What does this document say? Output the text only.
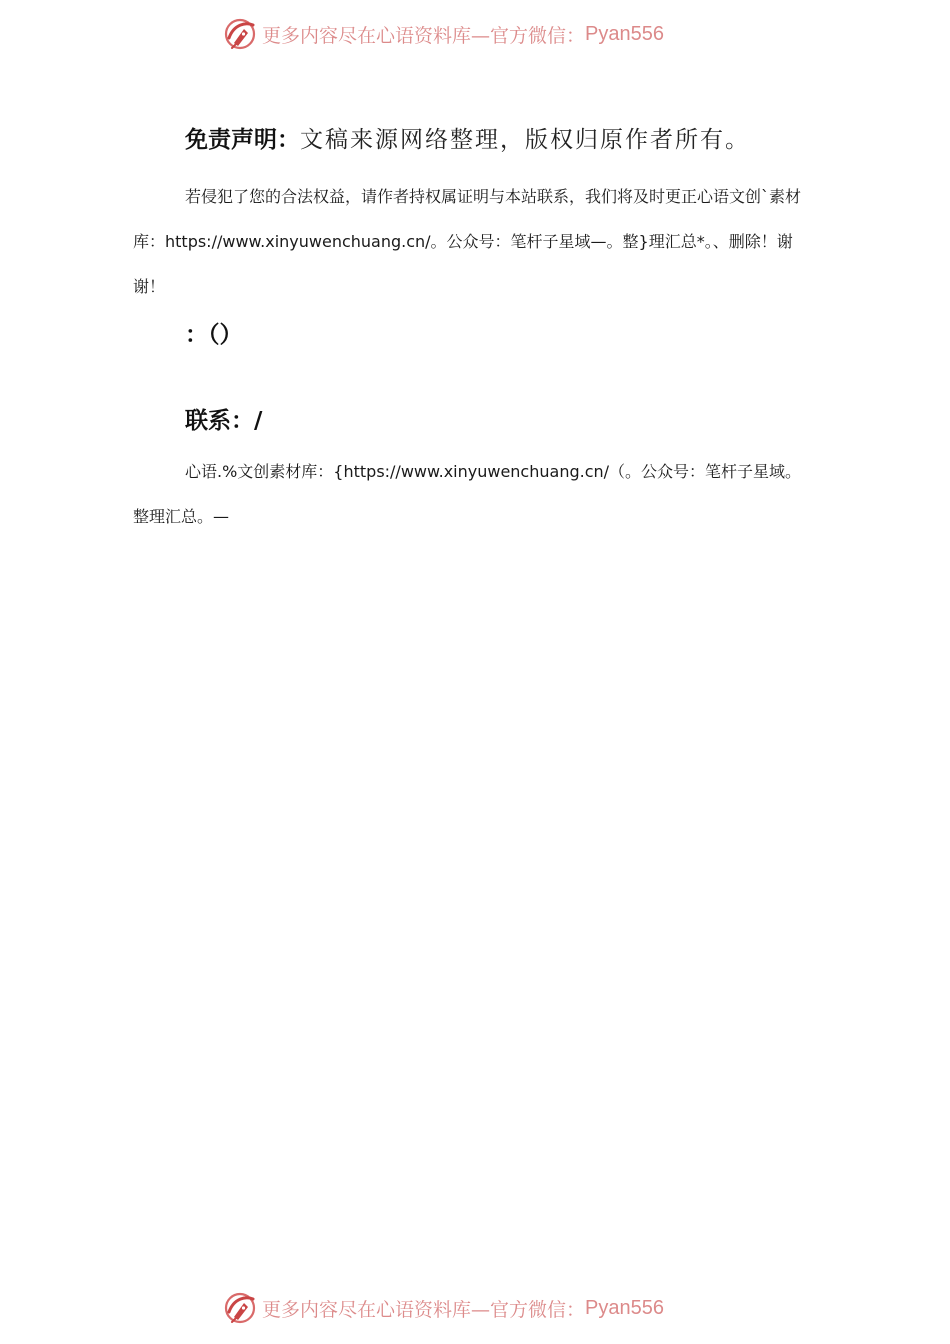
更多内容尽在心语资料库—官方微信： Pyan556
免责声明：文稿来源网络整理，版权归原作者所有。

若侵犯了您的合法权益，请作者持权属证明与本站联系，我们将及时更正心语文创`素材库：https://www.xinyuwenchuang.cn/。公众号：笔杆子星域—。整}理汇总*。、删除！谢谢！

：（）
联系：/

心语.%文创素材库：{https://www.xinyuwenchuang.cn/（。公众号：笔杆子星域。整理汇总。—

更多内容尽在心语资料库—官方微信： Pyan556
